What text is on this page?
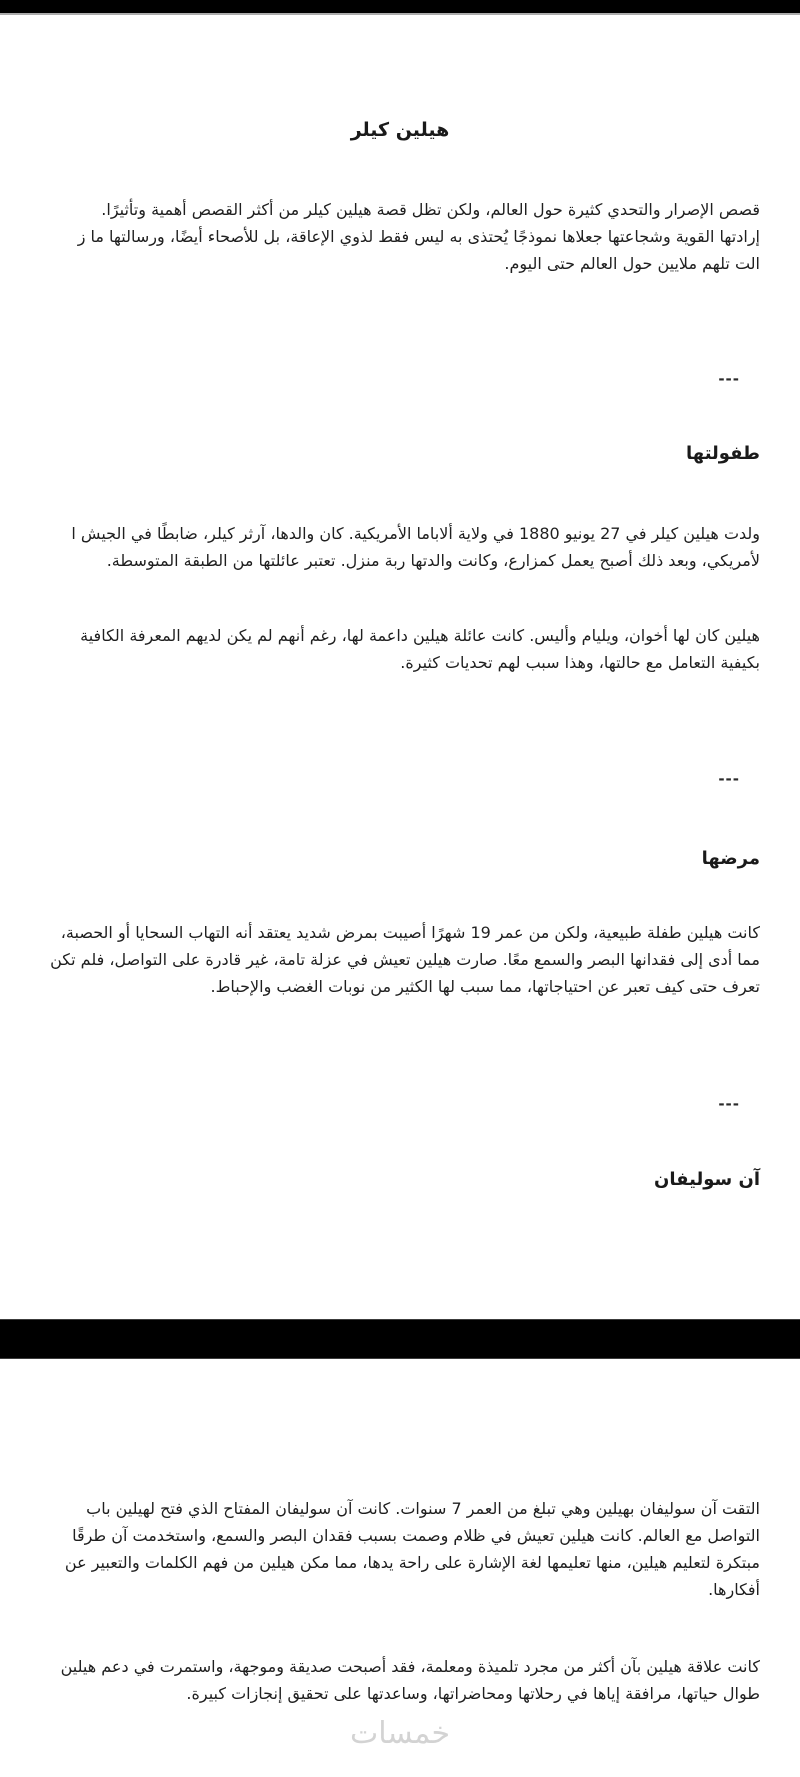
هيلين كيلر
قصص الإصرار والتحدي كثيرة حول العالم، ولكن تظل قصة هيلين كيلر من أكثر القصص أهمية وتأثيرًا.
إرادتها القوية وشجاعتها جعلاها نموذجًا يُحتذى به ليس فقط لذوي الإعاقة، بل للأصحاء أيضًا، ورسالتها ما ز
الت تلهم ملايين حول العالم حتى اليوم.
---
طفولتها
ولدت هيلين كيلر في 27 يونيو 1880 في ولاية ألاباما الأمريكية. كان والدها، آرثر كيلر، ضابطًا في الجيش ا
لأمريكي، وبعد ذلك أصبح يعمل كمزارع، وكانت والدتها ربة منزل. تعتبر عائلتها من الطبقة المتوسطة.
هيلين كان لها أخوان، ويليام وأليس. كانت عائلة هيلين داعمة لها، رغم أنهم لم يكن لديهم المعرفة الكافية
بكيفية التعامل مع حالتها، وهذا سبب لهم تحديات كثيرة.
---
مرضها
كانت هيلين طفلة طبيعية، ولكن من عمر 19 شهرًا أصيبت بمرض شديد يعتقد أنه التهاب السحايا أو الحصبة،
مما أدى إلى فقدانها البصر والسمع معًا. صارت هيلين تعيش في عزلة تامة، غير قادرة على التواصل، فلم تكن
تعرف حتى كيف تعبر عن احتياجاتها، مما سبب لها الكثير من نوبات الغضب والإحباط.
---
آن سوليفان
التقت آن سوليفان بهيلين وهي تبلغ من العمر 7 سنوات. كانت آن سوليفان المفتاح الذي فتح لهيلين باب
التواصل مع العالم. كانت هيلين تعيش في ظلام وصمت بسبب فقدان البصر والسمع، واستخدمت آن طرقًا
مبتكرة لتعليم هيلين، منها تعليمها لغة الإشارة على راحة يدها، مما مكن هيلين من فهم الكلمات والتعبير عن
أفكارها.
كانت علاقة هيلين بآن أكثر من مجرد تلميذة ومعلمة، فقد أصبحت صديقة وموجهة، واستمرت في دعم هيلين
طوال حياتها، مرافقة إياها في رحلاتها ومحاضراتها، وساعدتها على تحقيق إنجازات كبيرة.
خمسات
